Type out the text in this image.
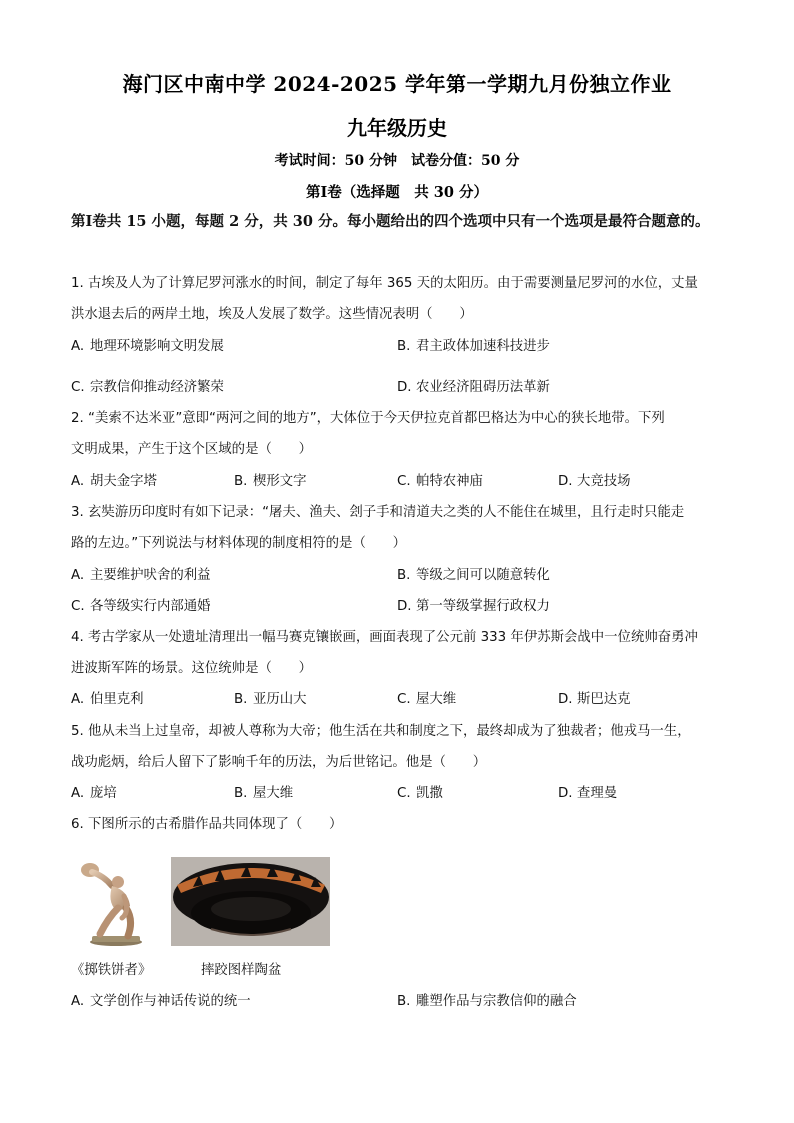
海门区中南中学 2024-2025 学年第一学期九月份独立作业
九年级历史
考试时间：50 分钟　试卷分值：50 分
第Ⅰ卷（选择题　共 30 分）
第Ⅰ卷共 15 小题，每题 2 分，共 30 分。每小题给出的四个选项中只有一个选项是最符合题意的。
1. 古埃及人为了计算尼罗河涨水的时间，制定了每年 365 天的太阳历。由于需要测量尼罗河的水位，丈量
洪水退去后的两岸土地，埃及人发展了数学。这些情况表明（　　）
A. 地理环境影响文明发展	B. 君主政体加速科技进步
C. 宗教信仰推动经济繁荣	D. 农业经济阻碍历法革新
2. “美索不达米亚”意即“两河之间的地方”，大体位于今天伊拉克首都巴格达为中心的狭长地带。下列
文明成果，产生于这个区域的是（　　）
A. 胡夫金字塔	B. 楔形文字	C. 帕特农神庙	D. 大竞技场
3. 玄奘游历印度时有如下记录：“屠夫、渔夫、刽子手和清道夫之类的人不能住在城里，且行走时只能走
路的左边。”下列说法与材料体现的制度相符的是（　　）
A. 主要维护吠舍的利益	B. 等级之间可以随意转化
C. 各等级实行内部通婚	D. 第一等级掌握行政权力
4. 考古学家从一处遗址清理出一幅马赛克镶嵌画，画面表现了公元前 333 年伊苏斯会战中一位统帅奋勇冲
进波斯军阵的场景。这位统帅是（　　）
A. 伯里克利	B. 亚历山大	C. 屋大维	D. 斯巴达克
5. 他从未当上过皇帝，却被人尊称为大帝；他生活在共和制度之下，最终却成为了独裁者；他戎马一生，
战功彪炳，给后人留下了影响千年的历法，为后世铭记。他是（　　）
A. 庞培	B. 屋大维	C. 凯撒	D. 查理曼
6. 下图所示的古希腊作品共同体现了（　　）
《掷铁饼者》	摔跤图样陶盆
A. 文学创作与神话传说的统一	B. 雕塑作品与宗教信仰的融合
